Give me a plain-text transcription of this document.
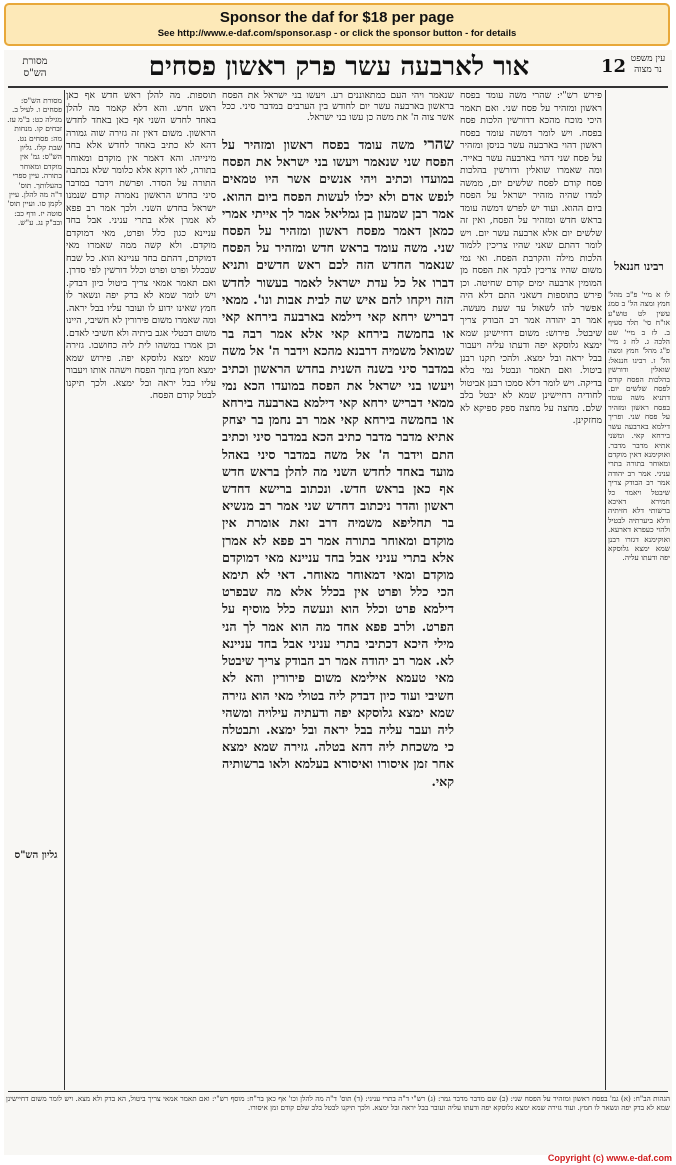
Sponsor the daf for $18 per page
See http://www.e-daf.com/sponsor.asp - or click the sponsor button - for details
מסורת הש"ס	אור לארבעה עשר פרק ראשון פסחים	12 עין משפט נר מצוה
מסורת הש"ס: פסחים ו. לעיל ב. מגילה כט: ב"מ עז. זבחים קו. מנחות מה: פסחים נט. שבת קלז. גליון הש"ס: גמ' אין מוקדם ומאוחר בתורה. עיין ספרי בהעלותך. תוס' ד"ה מה להלן. עיין לקמן סו. ועיין תוס' סוטה יז. ודף כב: ובב"ק נג. ע"ש.
תוספות. מה להלן ראש חדש אף כאן ראש חדש. והא דלא קאמר מה להלן באחד לחדש השני אף כאן באחד לחדש הראשון. משום דאין זה גזירה שוה גמורה דהא לא כתיב באחד לחדש אלא בחד מינייהו. והא דאמר אין מוקדם ומאוחר בתורה, לאו דוקא אלא כלומר שלא נכתבה התורה על הסדר. ופרשת וידבר במדבר סיני בחדש הראשון נאמרה קודם שנמנו ישראל בחדש השני. ולכך אמר רב פפא לא אמרן אלא בתרי עניני. אבל בחד עניינא כגון כלל ופרט, מאי דמוקדם מוקדם. ולא קשה ממה שאמרו מאי דמוקדם, דהתם בחד עניינא הוא. כל שבח שבכלל ופרט ופרט וכלל דורשין לפי סדרן. ואם תאמר אמאי צריך ביטול כיון דבדק. ויש לומר שמא לא בדק יפה ונשאר לו חמץ שאינו ידוע לו ועובר עליו בבל יראה. ומה שאמרו משום פירורין לא חשיבי, היינו משום דבטלי אגב ביתיה ולא חשיבי לאדם. וכן אמרו במשהו לית ליה כחושבו. גזירה שמא ימצא גלוסקא יפה. פירוש שמא ימצא חמץ בתוך הפסח וישהה אותו ויעבור עליו בבל יראה ובל ימצא. ולכך תיקנו לבטל קודם הפסח.
שנאמר ויהי העם כמתאוננים רע. ויעשו בני ישראל את הפסח בראשון בארבעה עשר יום לחודש בין הערבים במדבר סיני. ככל אשר צוה ה' את משה כן עשו בני ישראל.
שהרי משה עומד בפסח ראשון ומזהיר על הפסח שני שנאמר ויעשו בני ישראל את הפסח במועדו וכתיב ויהי אנשים אשר היו טמאים לנפש אדם ולא יכלו לעשות הפסח ביום ההוא. אמר רבן שמעון בן גמליאל אמר לך אייתי אמרי כמאן דאמר מפסח ראשון ומזהיר על הפסח שני. משה עומד בראש חדש ומזהיר על הפסח שנאמר החדש הזה לכם ראש חדשים ותניא דברו אל כל עדת ישראל לאמר בעשור לחדש הזה ויקחו להם איש שה לבית אבות ונו'. ממאי דבריש ירחא קאי דילמא בארבעה בירחא קאי או בחמשה בירחא קאי אלא אמר רבה בר שמואל משמיה דרבנא מהכא וידבר ה' אל משה במדבר סיני בשנה השנית בחדש הראשון וכתיב ויעשו בני ישראל את הפסח במועדו הכא נמי ממאי דבריש ירחא קאי דילמא בארבעה בירחא או בחמשה בירחא קאי אמר רב נחמן בר יצחק אתיא מדבר מדבר כתיב הכא במדבר סיני וכתיב התם וידבר ה' אל משה במדבר סיני באהל מועד באחד לחדש השני מה להלן בראש חדש אף כאן בראש חדש. ונכתוב ברישא דחדש ראשון והדר ניכתוב דחדש שני אמר רב מנשיא בר תחליפא משמיה דרב זאת אומרת אין מוקדם ומאוחר בתורה אמר רב פפא לא אמרן אלא בתרי עניני אבל בחד עניינא מאי דמוקדם מוקדם ומאי דמאוחר מאוחר. דאי לא תימא הכי כלל ופרט אין בכלל אלא מה שבפרט דילמא פרט וכלל הוא ונעשה כלל מוסיף על הפרט. ולרב פפא אחד מה הוא אמר לך הני מילי היכא דכתיבי בתרי עניני אבל בחד עניינא לא. אמר רב יהודה אמר רב הבודק צריך שיבטל מאי טעמא אילימא משום פירורין והא לא חשיבי ועוד כיון דבדק ליה בטולי מאי הוא גזירה שמא ימצא גלוסקא יפה ודעתיה עילויה ומשהי ליה ועבר עליה בבל יראה ובל ימצא. ותבטלה כי משכחת ליה דהא בטלה. גזירה שמא ימצא אחר זמן איסורו ואיסורא בעלמא ולאו ברשותיה קאי.
פירש רש"י: שהרי משה עומד בפסח ראשון ומזהיר על פסח שני. ואם תאמר היכי מוכח מהכא דדורשין הלכות פסח בפסח. ויש לומר דמשה עומד בפסח ראשון דהוי בארבעה עשר בניסן ומזהיר על פסח שני דהוי בארבעה עשר באייר. ומה שאמרו שואלין ודורשין בהלכות פסח קודם לפסח שלשים יום, ממשה למדו שהיה מזהיר ישראל על הפסח ביום ההוא. ועוד יש לפרש דמשה עומד בראש חדש ומזהיר על הפסח, ואין זה שלשים יום אלא ארבעה עשר יום. ויש לומר דהתם שאני שהיו צריכין ללמוד הלכות מילה והקרבת הפסח. ואי נמי משום שהיו צריכין לבקר את הפסח מן המומין ארבעה ימים קודם שחיטה. וכן פירש בתוספות דשאני התם דלא היה אפשר להו לשאול עד שעת מעשה. אמר רב יהודה אמר רב הבודק צריך שיבטל. פירוש: משום דחיישינן שמא ימצא גלוסקא יפה ודעתו עליה ויעבור בבל יראה ובל ימצא. ולהכי תקנו רבנן ביטול. ואם תאמר ונבטל נמי בלא בדיקה. ויש לומר דלא סמכו רבנן אביטול לחודיה דחיישינן שמא לא יבטל בלב שלם. מחצה על מחצה ספק ספיקא לא מחזקינן.
לו א מיי' פ"ב מהל' חמץ ומצה הל' ב סמג עשין לט טוש"ע או"ח סי' תלד סעיף ב. לז ב מיי' שם הלכה ג. לח ג מיי' פ"ג מהל' חמץ ומצה הל' ז. רבינו חננאל: שואלין ודורשין בהלכות הפסח קודם לפסח שלשים יום. דתניא משה עומד בפסח ראשון ומזהיר על פסח שני. ופריך דילמא בארבעה עשר בירחא קאי. ומשני אתיא מדבר מדבר. ואוקימנא דאין מוקדם ומאוחר בתורה בתרי עניני. אמר רב יהודה אמר רב הבודק צריך שיבטל ויאמר כל חמירא דאיכא ברשותי דלא חזיתיה ודלא ביערתיה לבטיל ולהוי כעפרא דארעא. ואוקימנא דגזרו רבנן שמא ימצא גלוסקא יפה ודעתו עליה.
רבינו חננאל
גליון הש"ס
הגהות הב"ח: (א) גמ' בפסח ראשון ומזהיר על הפסח שני: (ב) שם מדבר מדבר גמר: (ג) רש"י ד"ה בתרי עניני: (ד) תוס' ד"ה מה להלן וכו' אף כאן בר"ח: מוסף רש"י: ואם תאמר אמאי צריך ביטול, הא בדק ולא מצא. ויש לומר משום דחיישינן שמא לא בדק יפה ונשאר לו חמץ. ועוד גזירה שמא ימצא גלוסקא יפה ודעתו עליה ועובר בבל יראה ובל ימצא. ולכך תיקנו לבטל בלב שלם קודם זמן איסורו.
Copyright (c) www.e-daf.com
